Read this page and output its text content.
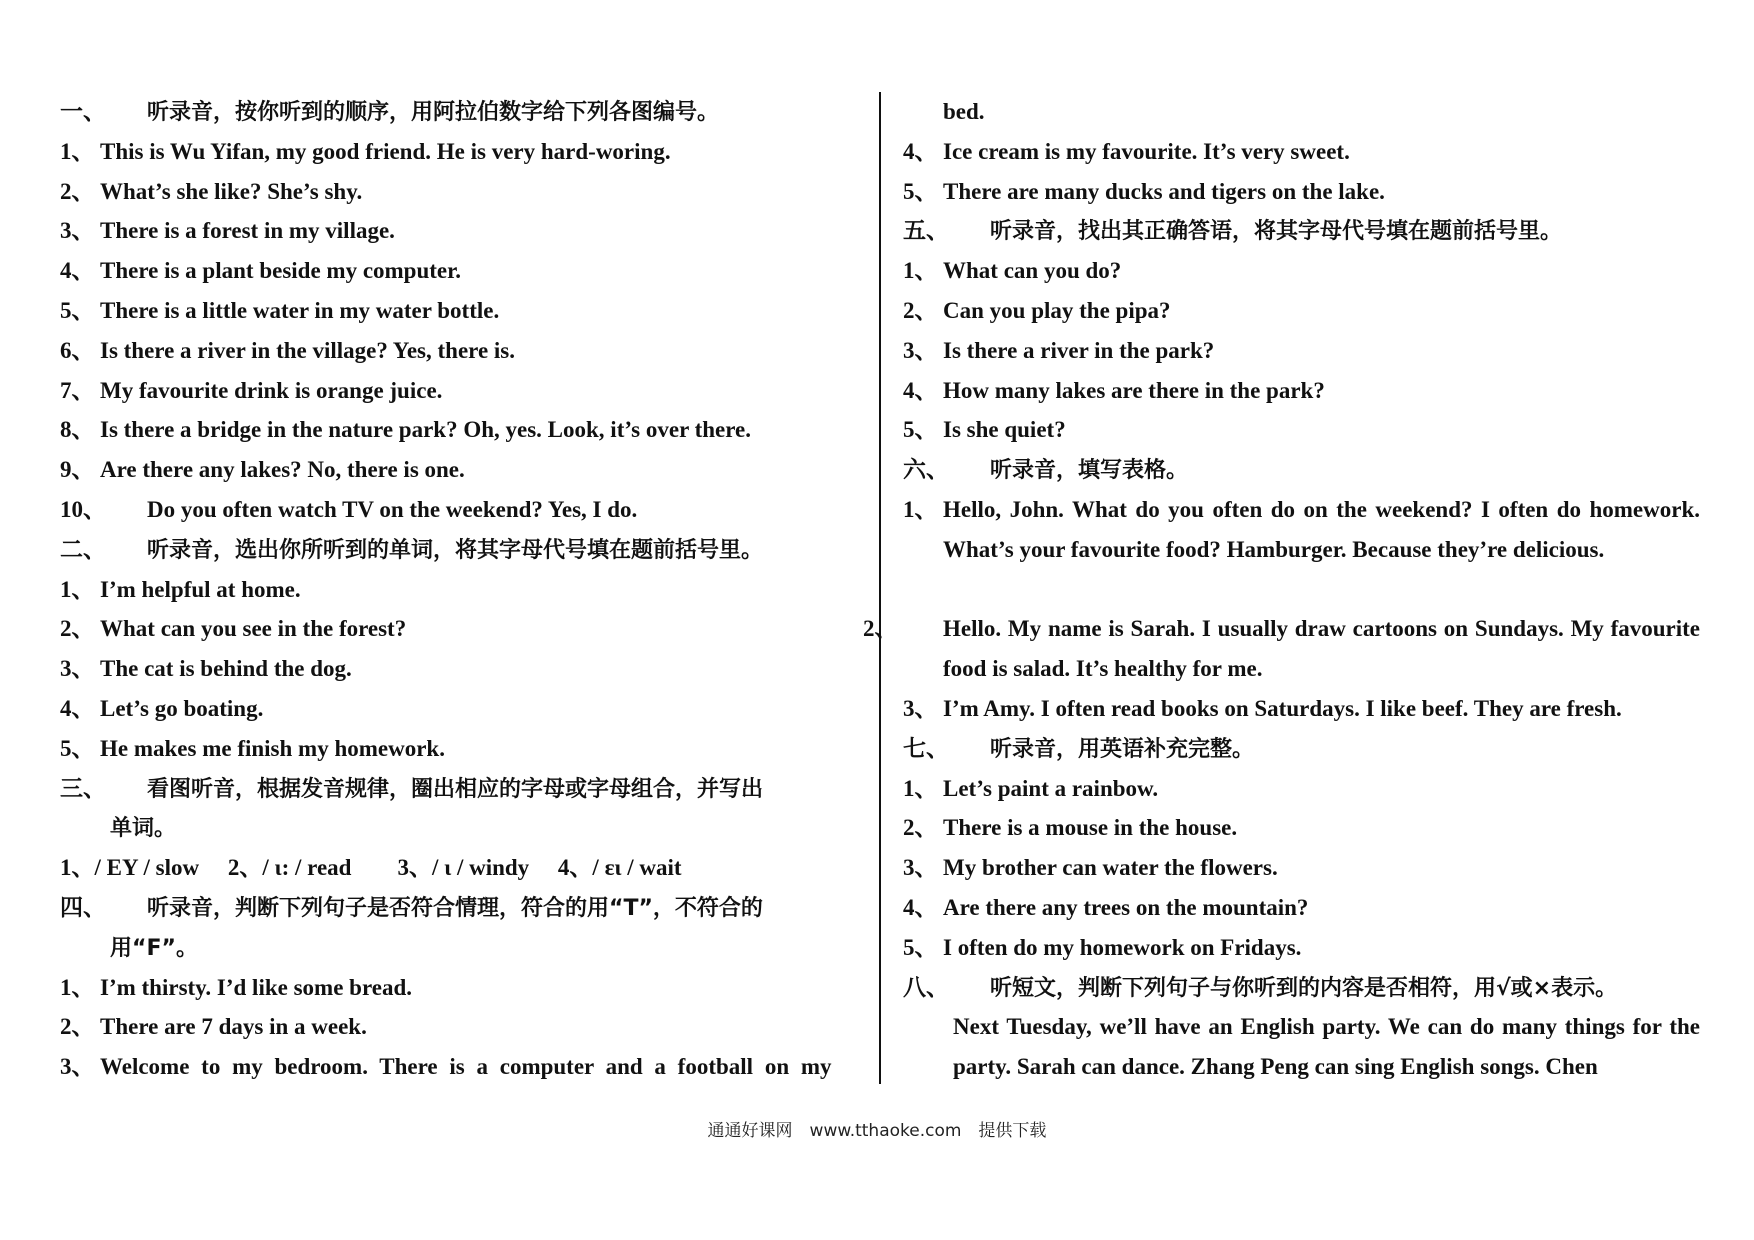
一、 听录音，按你听到的顺序，用阿拉伯数字给下列各图编号。
1、 This is Wu Yifan, my good friend. He is very hard-woring.
2、 What’s she like? She’s shy.
3、 There is a forest in my village.
4、 There is a plant beside my computer.
5、 There is a little water in my water bottle.
6、 Is there a river in the village? Yes, there is.
7、 My favourite drink is orange juice.
8、 Is there a bridge in the nature park? Oh, yes. Look, it’s over there.
9、 Are there any lakes? No, there is one.
10、 Do you often watch TV on the weekend? Yes, I do.
二、 听录音，选出你所听到的单词，将其字母代号填在题前括号里。
1、 I’m helpful at home.
2、 What can you see in the forest?
3、 The cat is behind the dog.
4、 Let’s go boating.
5、 He makes me finish my homework.
三、 看图听音，根据发音规律，圈出相应的字母或字母组合，并写出
单词。
1、/ EY / slow　 2、/ ɩ: / read　　3、/ ɩ / windy　 4、/ ɛɩ / wait
四、 听录音，判断下列句子是否符合情理，符合的用“T”，不符合的
用“F”。
1、 I’m thirsty. I’d like some bread.
2、 There are 7 days in a week.
3、 Welcome to my bedroom. There is a computer and a football on my
bed.
4、 Ice cream is my favourite. It’s very sweet.
5、 There are many ducks and tigers on the lake.
五、 听录音，找出其正确答语，将其字母代号填在题前括号里。
1、 What can you do?
2、 Can you play the pipa?
3、 Is there a river in the park?
4、 How many lakes are there in the park?
5、 Is she quiet?
六、 听录音，填写表格。
1、 Hello, John. What do you often do on the weekend? I often do homework. What’s your favourite food? Hamburger. Because they’re delicious.
2、 Hello. My name is Sarah. I usually draw cartoons on Sundays. My favourite food is salad. It’s healthy for me.
3、 I’m Amy. I often read books on Saturdays. I like beef. They are fresh.
七、 听录音，用英语补充完整。
1、 Let’s paint a rainbow.
2、 There is a mouse in the house.
3、 My brother can water the flowers.
4、 Are there any trees on the mountain?
5、 I often do my homework on Fridays.
八、 听短文，判断下列句子与你听到的内容是否相符，用√或×表示。
Next Tuesday, we’ll have an English party. We can do many things for the party. Sarah can dance. Zhang Peng can sing English songs. Chen
通通好课网　www.tthaoke.com　提供下载
